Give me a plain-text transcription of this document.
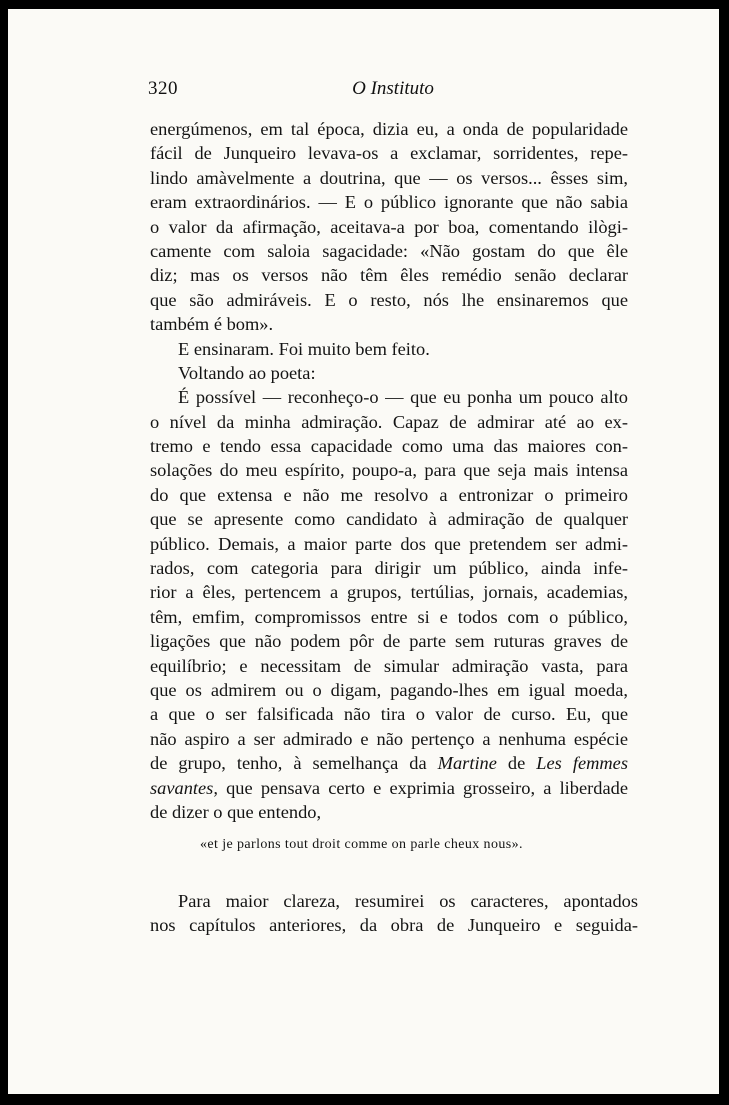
320	O Instituto
energúmenos, em tal época, dizia eu, a onda de popularidade
fácil de Junqueiro levava-os a exclamar, sorridentes, repe-
lindo amàvelmente a doutrina, que — os versos... êsses sim,
eram extraordinários. — E o público ignorante que não sabia
o valor da afirmação, aceitava-a por boa, comentando ilògi-
camente com saloia sagacidade: «Não gostam do que êle
diz; mas os versos não têm êles remédio senão declarar
que são admiráveis. E o resto, nós lhe ensinaremos que
também é bom».
E ensinaram. Foi muito bem feito.
Voltando ao poeta:
É possível — reconheço-o — que eu ponha um pouco alto
o nível da minha admiração. Capaz de admirar até ao ex-
tremo e tendo essa capacidade como uma das maiores con-
solações do meu espírito, poupo-a, para que seja mais intensa
do que extensa e não me resolvo a entronizar o primeiro
que se apresente como candidato à admiração de qualquer
público. Demais, a maior parte dos que pretendem ser admi-
rados, com categoria para dirigir um público, ainda infe-
rior a êles, pertencem a grupos, tertúlias, jornais, academias,
têm, emfim, compromissos entre si e todos com o público,
ligações que não podem pôr de parte sem ruturas graves de
equilíbrio; e necessitam de simular admiração vasta, para
que os admirem ou o digam, pagando-lhes em igual moeda,
a que o ser falsificada não tira o valor de curso. Eu, que
não aspiro a ser admirado e não pertenço a nenhuma espécie
de grupo, tenho, à semelhança da Martine de Les femmes
savantes, que pensava certo e exprimia grosseiro, a liberdade
de dizer o que entendo,
«et je parlons tout droit comme on parle cheux nous».
Para maior clareza, resumirei os caracteres, apontados
nos capítulos anteriores, da obra de Junqueiro e seguida-
